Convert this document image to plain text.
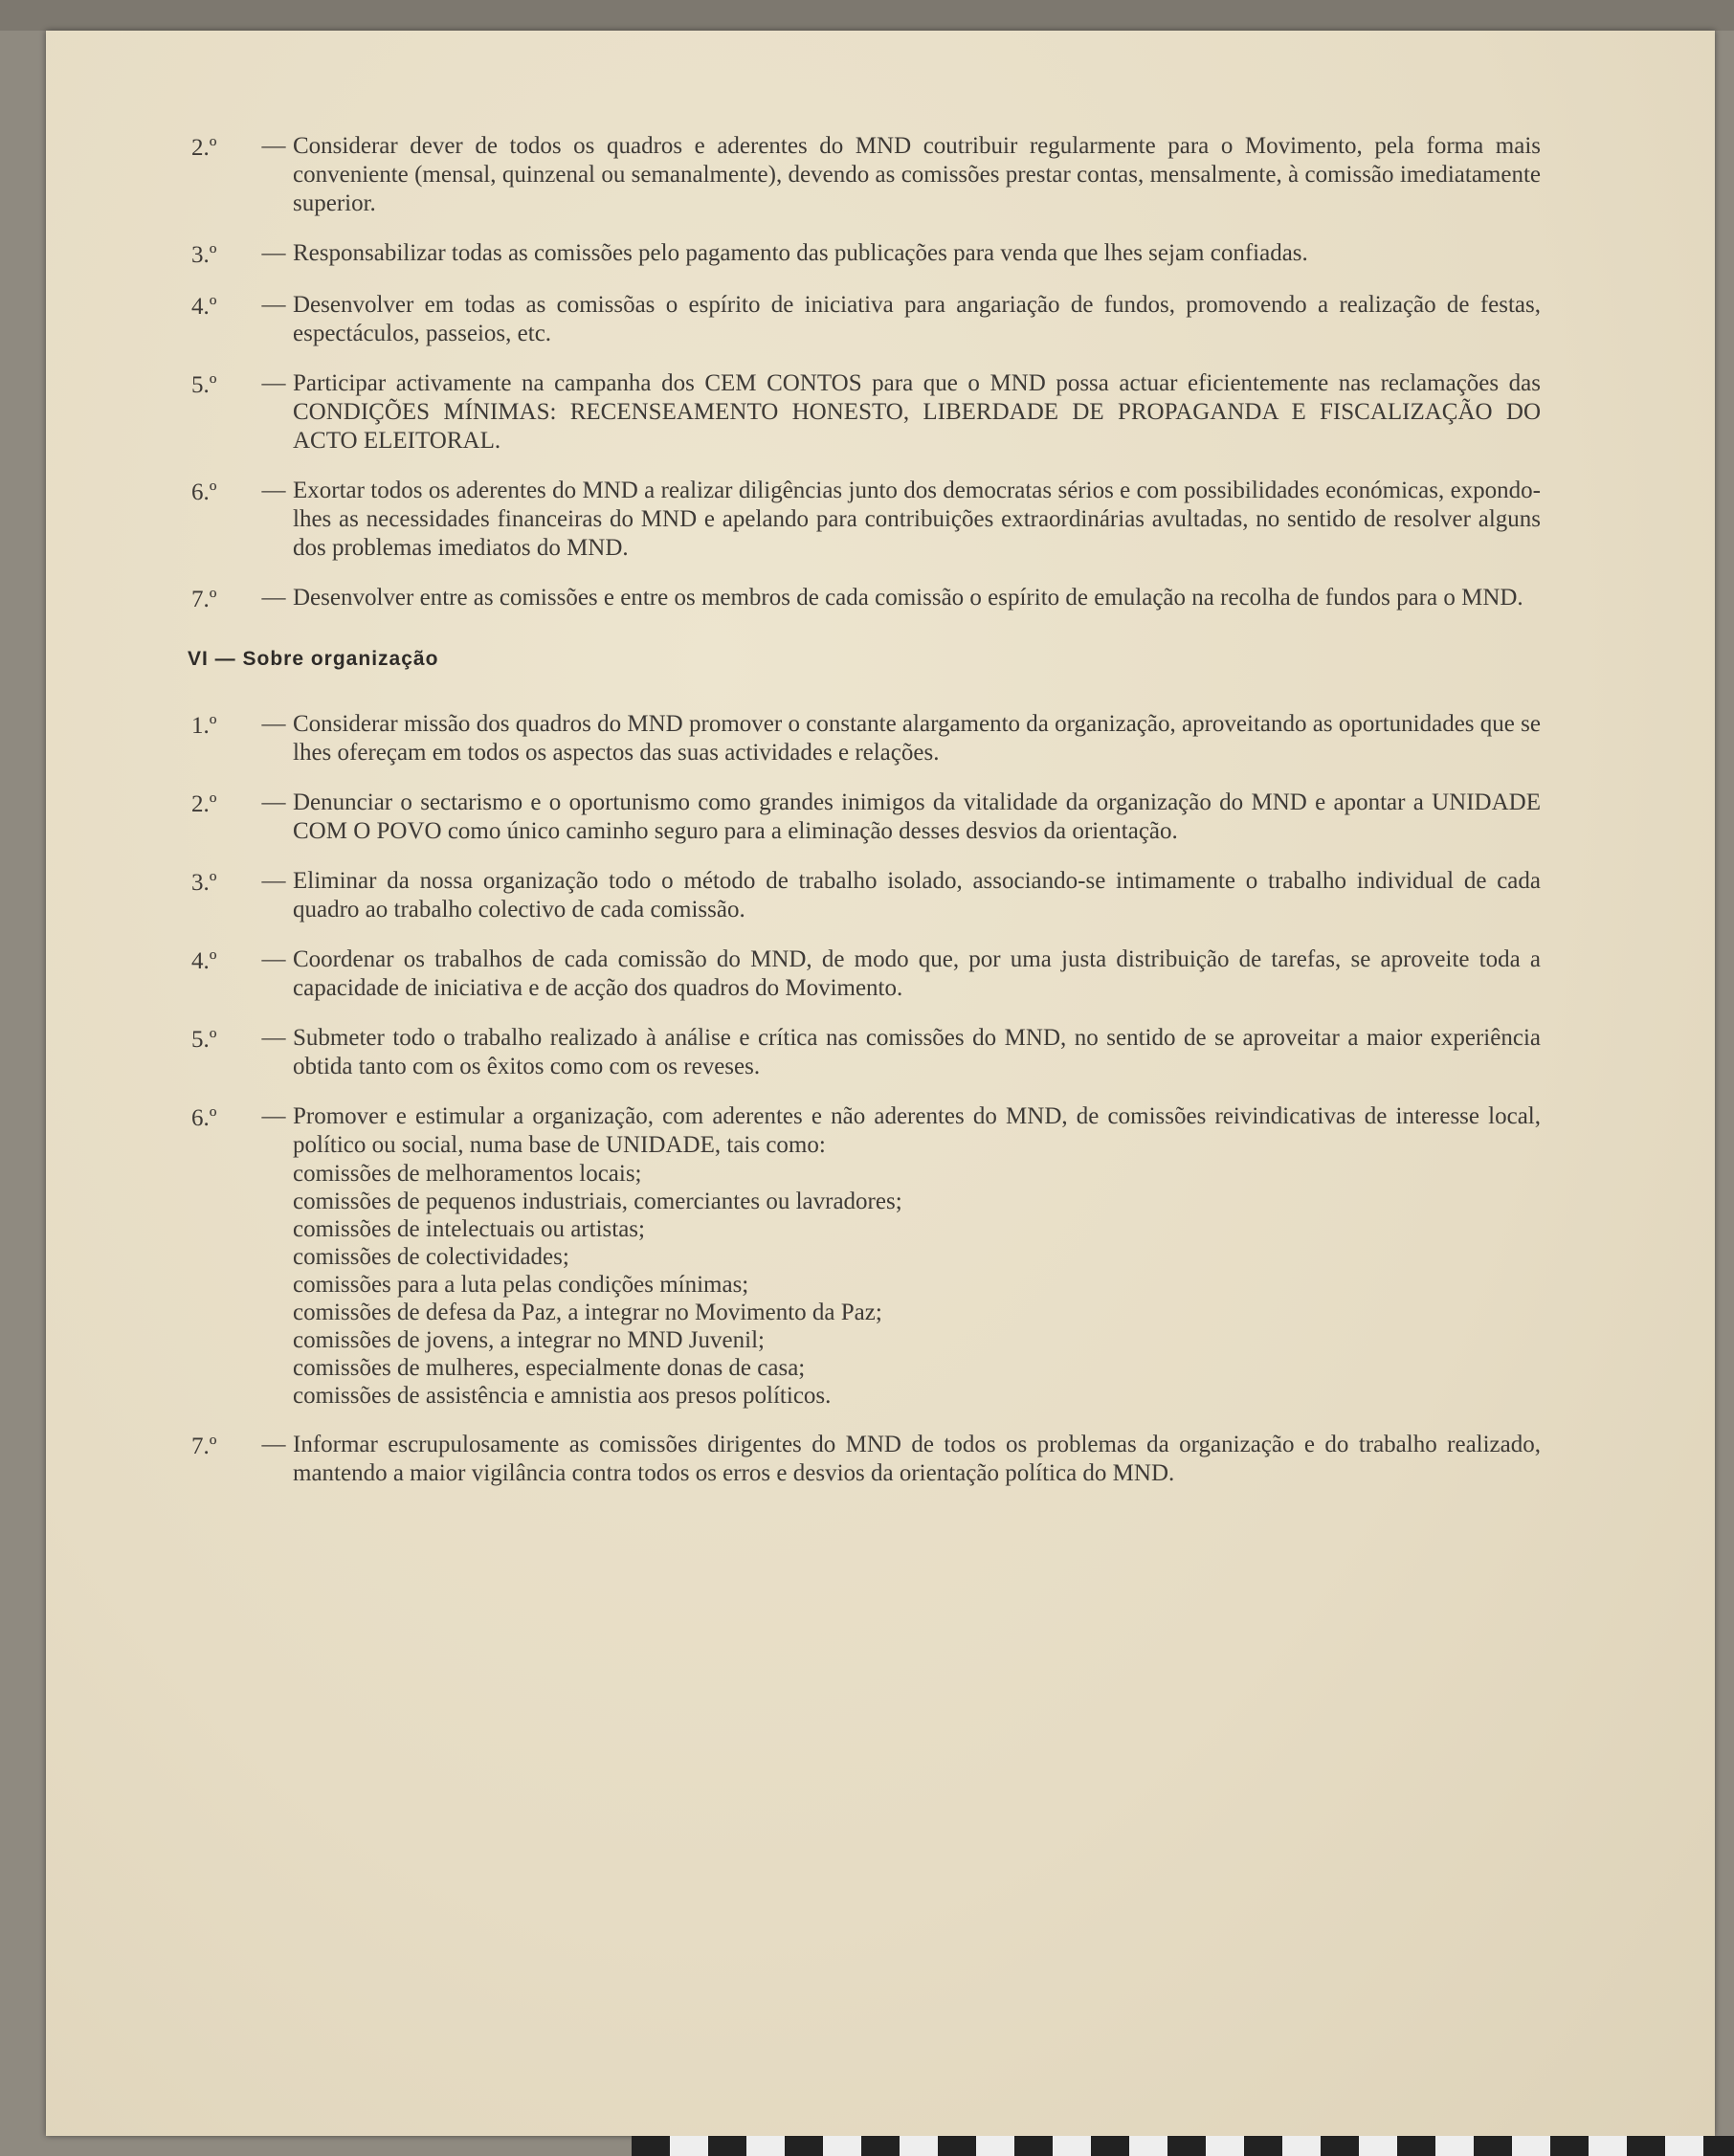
2.º	— Considerar dever de todos os quadros e aderentes do MND coutribuir regularmente para o Movimento, pela forma mais conveniente (mensal, quinzenal ou semanalmente), devendo as comissões prestar contas, mensalmente, à comissão imediatamente superior.
3.º	— Responsabilizar todas as comissões pelo pagamento das publicações para venda que lhes sejam confiadas.
4.º	— Desenvolver em todas as comissõas o espírito de iniciativa para angariação de fundos, promovendo a realização de festas, espectáculos, passeios, etc.
5.º	— Participar activamente na campanha dos CEM CONTOS para que o MND possa actuar eficientemente nas reclamações das CONDIÇÕES MÍNIMAS: RECENSEAMENTO HONESTO, LIBERDADE DE PROPAGANDA E FISCALIZAÇÃO DO ACTO ELEITORAL.
6.º	— Exortar todos os aderentes do MND a realizar diligências junto dos democratas sérios e com possibilidades económicas, expondo-lhes as necessidades financeiras do MND e apelando para contribuições extraordinárias avultadas, no sentido de resolver alguns dos problemas imediatos do MND.
7.º	— Desenvolver entre as comissões e entre os membros de cada comissão o espírito de emulação na recolha de fundos para o MND.
VI — Sobre organização
1.º	— Considerar missão dos quadros do MND promover o constante alargamento da organização, aproveitando as oportunidades que se lhes ofereçam em todos os aspectos das suas actividades e relações.
2.º	— Denunciar o sectarismo e o oportunismo como grandes inimigos da vitalidade da organização do MND e apontar a UNIDADE COM O POVO como único caminho seguro para a eliminação desses desvios da orientação.
3.º	— Eliminar da nossa organização todo o método de trabalho isolado, associando-se intimamente o trabalho individual de cada quadro ao trabalho colectivo de cada comissão.
4.º	— Coordenar os trabalhos de cada comissão do MND, de modo que, por uma justa distribuição de tarefas, se aproveite toda a capacidade de iniciativa e de acção dos quadros do Movimento.
5.º	— Submeter todo o trabalho realizado à análise e crítica nas comissões do MND, no sentido de se aproveitar a maior experiência obtida tanto com os êxitos como com os reveses.
6.º	— Promover e estimular a organização, com aderentes e não aderentes do MND, de comissões reivindicativas de interesse local, político ou social, numa base de UNIDADE, tais como:
comissões de melhoramentos locais;
comissões de pequenos industriais, comerciantes ou lavradores;
comissões de intelectuais ou artistas;
comissões de colectividades;
comissões para a luta pelas condições mínimas;
comissões de defesa da Paz, a integrar no Movimento da Paz;
comissões de jovens, a integrar no MND Juvenil;
comissões de mulheres, especialmente donas de casa;
comissões de assistência e amnistia aos presos políticos.
7.º	— Informar escrupulosamente as comissões dirigentes do MND de todos os problemas da organização e do trabalho realizado, mantendo a maior vigilância contra todos os erros e desvios da orientação política do MND.
